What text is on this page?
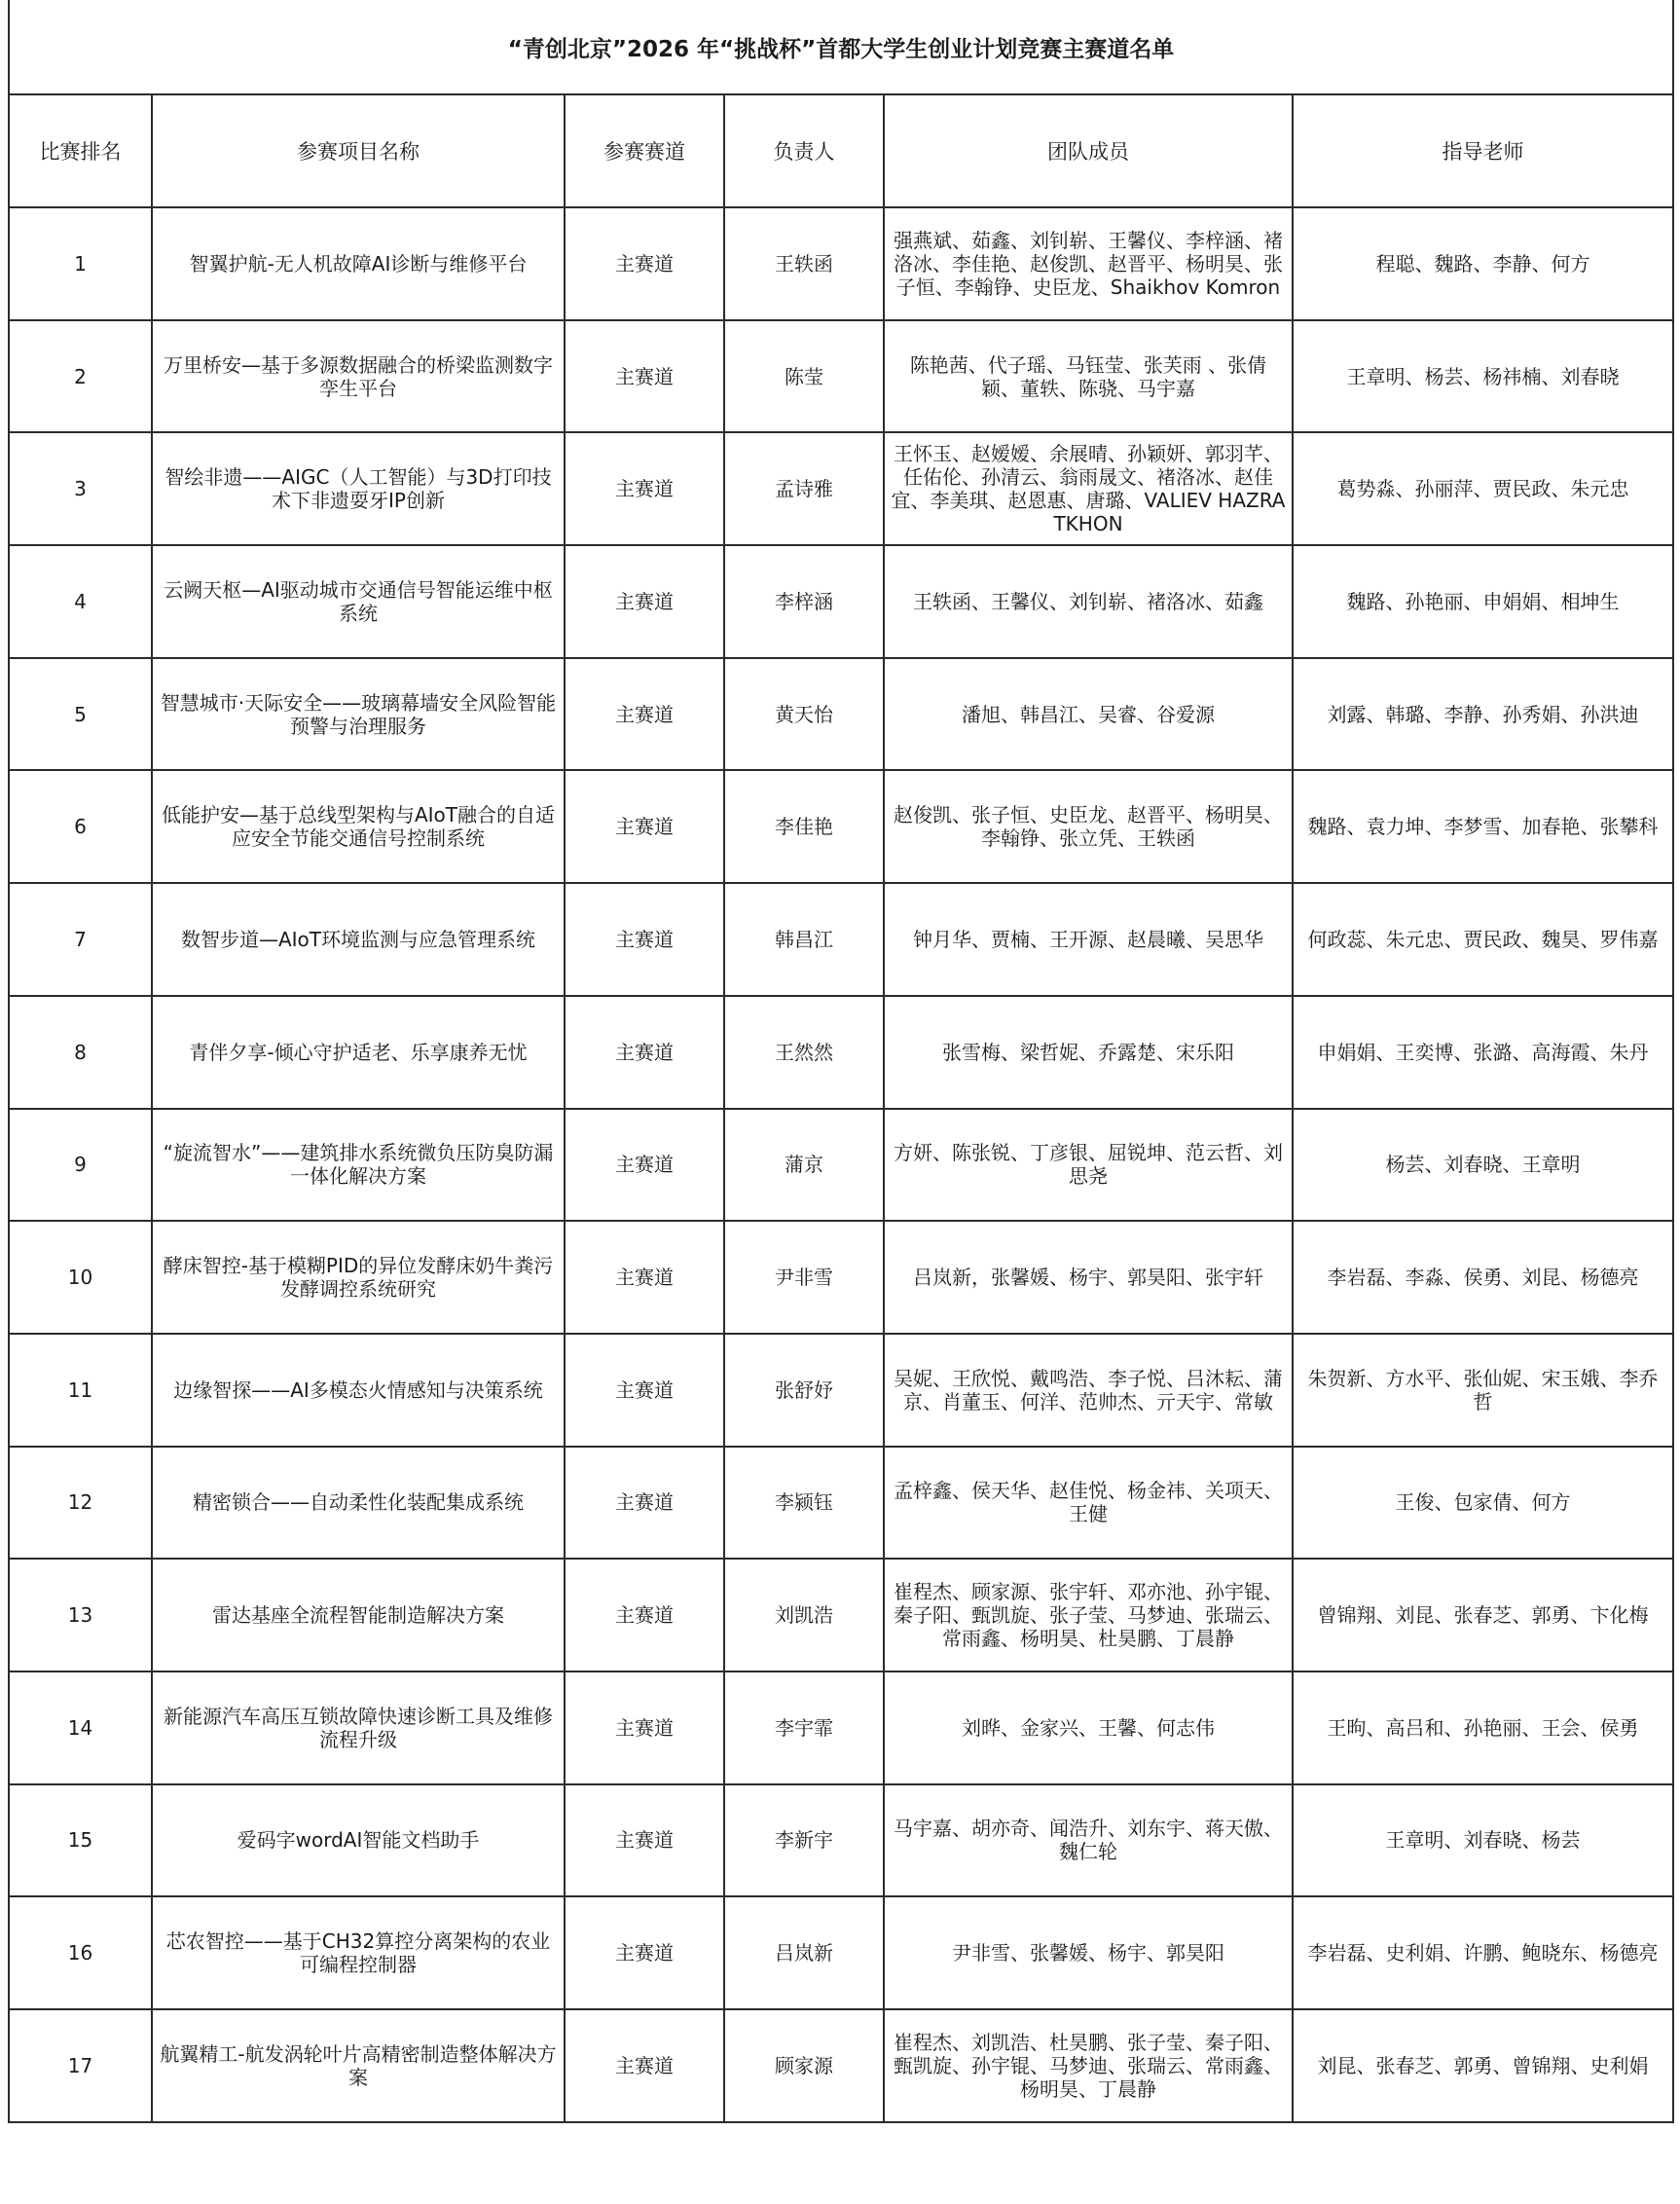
“青创北京”2026 年“挑战杯”首都大学生创业计划竞赛主赛道名单					
比赛排名	参赛项目名称	参赛赛道	负责人	团队成员	指导老师
1	智翼护航-无人机故障AI诊断与维修平台	主赛道	王轶函	强燕斌、茹鑫、刘钊崭、王馨仪、李梓涵、褚洛冰、李佳艳、赵俊凯、赵晋平、杨明昊、张子恒、李翰铮、史臣龙、Shaikhov Komron	程聪、魏路、李静、何方
2	万里桥安—基于多源数据融合的桥梁监测数字孪生平台	主赛道	陈莹	陈艳茜、代子瑶、马钰莹、张芙雨 、张倩颖、董轶、陈骁、马宇嘉	王章明、杨芸、杨祎楠、刘春晓
3	智绘非遗——AIGC（人工智能）与3D打印技术下非遗耍牙IP创新	主赛道	孟诗雅	王怀玉、赵嫒嫒、余展晴、孙颖妍、郭羽芊、任佑伦、孙清云、翁雨晟文、褚洛冰、赵佳宜、李美琪、赵恩惠、唐璐、VALIEV HAZRATKHON	葛势淼、孙丽萍、贾民政、朱元忠
4	云阙天枢—AI驱动城市交通信号智能运维中枢系统	主赛道	李梓涵	王轶函、王馨仪、刘钊崭、褚洛冰、茹鑫	魏路、孙艳丽、申娟娟、相坤生
5	智慧城市·天际安全——玻璃幕墙安全风险智能预警与治理服务	主赛道	黄天怡	潘旭、韩昌江、吴睿、谷爱源	刘露、韩璐、李静、孙秀娟、孙洪迪
6	低能护安—基于总线型架构与AIoT融合的自适应安全节能交通信号控制系统	主赛道	李佳艳	赵俊凯、张子恒、史臣龙、赵晋平、杨明昊、李翰铮、张立凭、王轶函	魏路、袁力坤、李梦雪、加春艳、张攀科
7	数智步道—AIoT环境监测与应急管理系统	主赛道	韩昌江	钟月华、贾楠、王开源、赵晨曦、吴思华	何政蕊、朱元忠、贾民政、魏昊、罗伟嘉
8	青伴夕享-倾心守护适老、乐享康养无忧	主赛道	王然然	张雪梅、梁哲妮、乔露楚、宋乐阳	申娟娟、王奕博、张潞、高海霞、朱丹
9	“旋流智水”——建筑排水系统微负压防臭防漏一体化解决方案	主赛道	蒲京	方妍、陈张锐、丁彦银、屈锐坤、范云哲、刘思尧	杨芸、刘春晓、王章明
10	酵床智控-基于模糊PID的异位发酵床奶牛粪污发酵调控系统研究	主赛道	尹非雪	吕岚新，张馨媛、杨宇、郭昊阳、张宇轩	李岩磊、李淼、侯勇、刘昆、杨德亮
11	边缘智探——AI多模态火情感知与决策系统	主赛道	张舒妤	吴妮、王欣悦、戴鸣浩、李子悦、吕沐耘、蒲京、肖董玉、何洋、范帅杰、亓天宇、常敏	朱贺新、方水平、张仙妮、宋玉娥、李乔哲
12	精密锁合——自动柔性化装配集成系统	主赛道	李颍钰	孟梓鑫、侯天华、赵佳悦、杨金祎、关项天、王健	王俊、包家倩、何方
13	雷达基座全流程智能制造解决方案	主赛道	刘凯浩	崔程杰、顾家源、张宇轩、邓亦池、孙宇锟、秦子阳、甄凯旋、张子莹、马梦迪、张瑞云、常雨鑫、杨明昊、杜昊鹏、丁晨静	曾锦翔、刘昆、张春芝、郭勇、卞化梅
14	新能源汽车高压互锁故障快速诊断工具及维修流程升级	主赛道	李宇霏	刘晔、金家兴、王馨、何志伟	王昫、高吕和、孙艳丽、王会、侯勇
15	爱码字wordAI智能文档助手	主赛道	李新宇	马宇嘉、胡亦奇、闻浩升、刘东宇、蒋天傲、魏仁轮	王章明、刘春晓、杨芸
16	芯农智控——基于CH32算控分离架构的农业可编程控制器	主赛道	吕岚新	尹非雪、张馨媛、杨宇、郭昊阳	李岩磊、史利娟、许鹏、鲍晓东、杨德亮
17	航翼精工-航发涡轮叶片高精密制造整体解决方案	主赛道	顾家源	崔程杰、刘凯浩、杜昊鹏、张子莹、秦子阳、甄凯旋、孙宇锟、马梦迪、张瑞云、常雨鑫、杨明昊、丁晨静	刘昆、张春芝、郭勇、曾锦翔、史利娟
